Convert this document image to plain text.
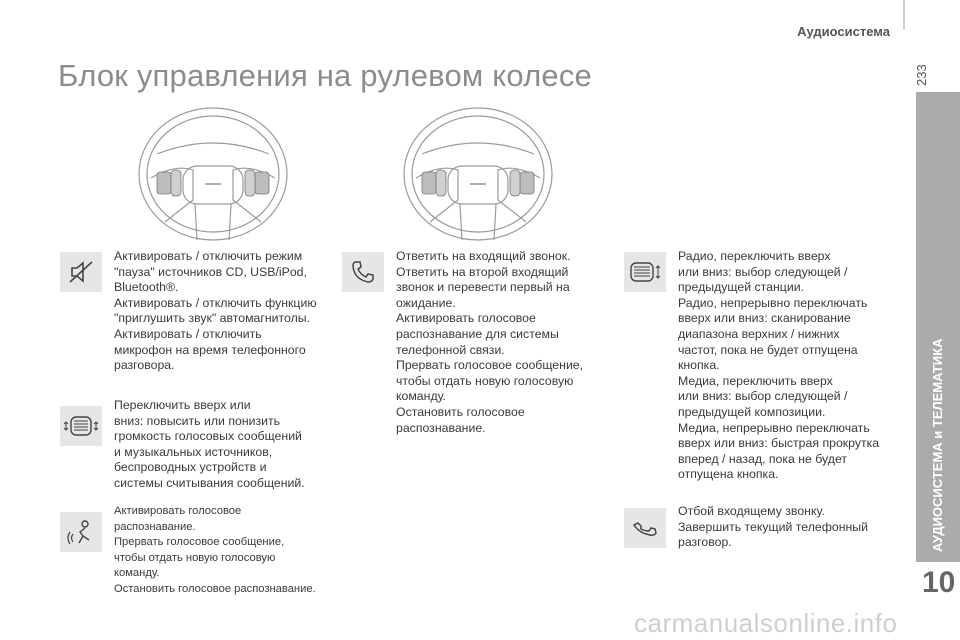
Аудиосистема
233
АУДИОСИСТЕМА и ТЕЛЕМАТИКА
10
Блок управления на рулевом колесе

Активировать / отключить режим

"пауза" источников CD, USB/iPod,

Bluetooth®.

Активировать / отключить функцию

"приглушить звук" автомагнитолы.

Активировать / отключить

микрофон на время телефонного

разговора.

Переключить вверх или

вниз: повысить или понизить

громкость голосовых сообщений

и музыкальных источников,

беспроводных устройств и

системы считывания сообщений.

Активировать голосовое

распознавание.

Прервать голосовое сообщение,

чтобы отдать новую голосовую

команду.

Остановить голосовое распознавание.

Ответить на входящий звонок.

Ответить на второй входящий

звонок и перевести первый на

ожидание.

Активировать голосовое

распознавание для системы

телефонной связи.

Прервать голосовое сообщение,

чтобы отдать новую голосовую

команду.

Остановить голосовое

распознавание.

Радио, переключить вверх

или вниз: выбор следующей /

предыдущей станции.

Радио, непрерывно переключать

вверх или вниз: сканирование

диапазона верхних / нижних

частот, пока не будет отпущена

кнопка.

Медиа, переключить вверх

или вниз: выбор следующей /

предыдущей композиции.

Медиа, непрерывно переключать

вверх или вниз: быстрая прокрутка

вперед / назад, пока не будет

отпущена кнопка.

Отбой входящему звонку.

Завершить текущий телефонный

разговор.

carmanualsonline.info
